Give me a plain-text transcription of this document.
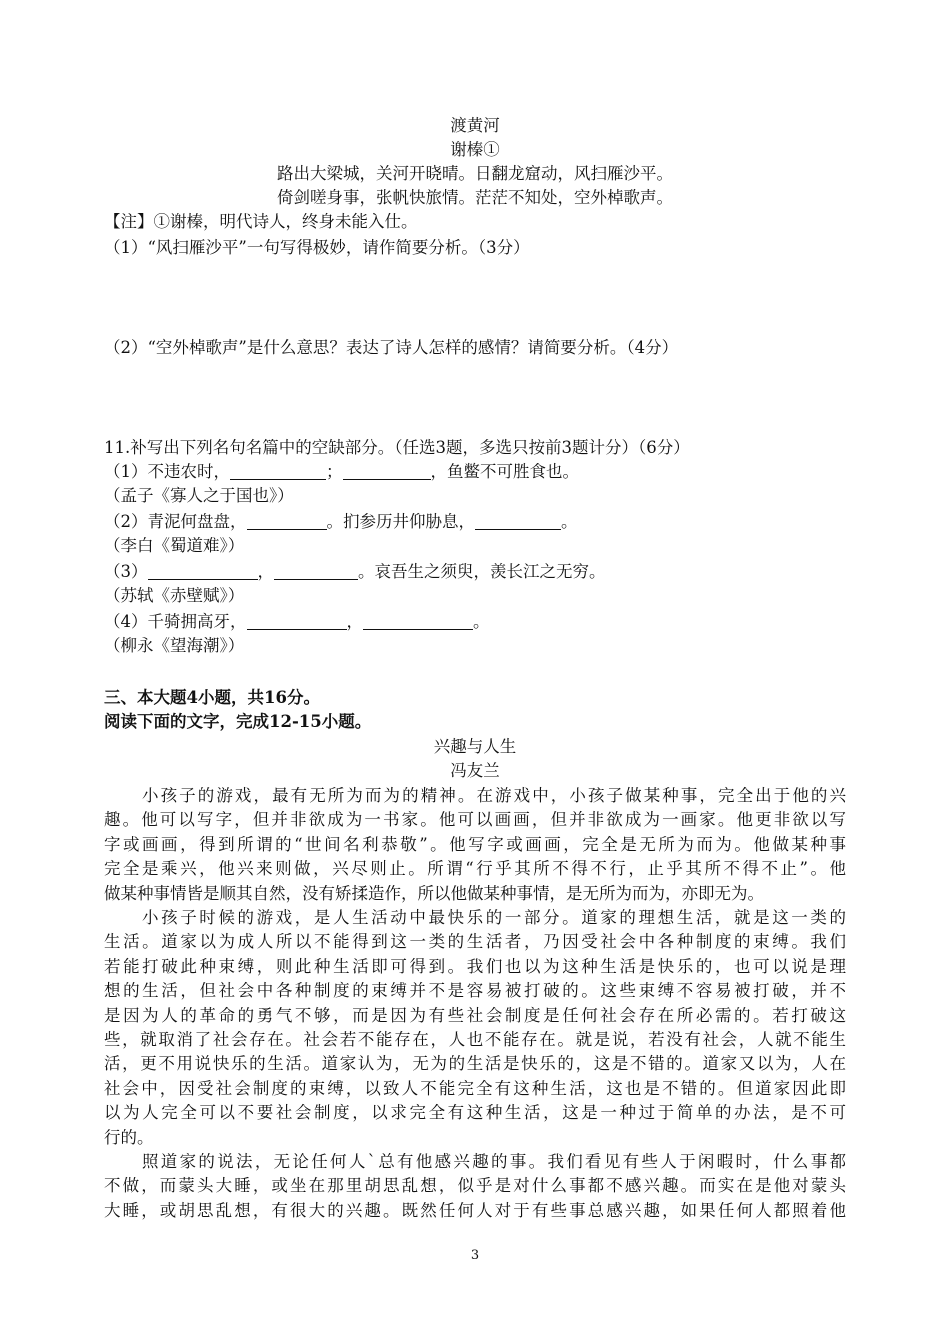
渡黄河
谢榛①
路出大梁城，关河开晓晴。日翻龙窟动，风扫雁沙平。
倚剑嗟身事，张帆快旅情。茫茫不知处，空外棹歌声。
【注】①谢榛，明代诗人，终身未能入仕。
（1）“风扫雁沙平”一句写得极妙，请作简要分析。（3分）
（2）“空外棹歌声”是什么意思？表达了诗人怎样的感情？请简要分析。（4分）
11.补写出下列名句名篇中的空缺部分。（任选3题，多选只按前3题计分）（6分）
（1）不违农时，	；	，鱼鳖不可胜食也。
（孟子《寡人之于国也》）
（2）青泥何盘盘，	。扪参历井仰胁息，	。
（李白《蜀道难》）
（3）	，	。哀吾生之须臾，羡长江之无穷。
（苏轼《赤壁赋》）
（4）千骑拥高牙，	，	。
（柳永《望海潮》）
三、本大题4小题，共16分。
阅读下面的文字，完成12-15小题。
兴趣与人生
冯友兰
小孩子的游戏，最有无所为而为的精神。在游戏中，小孩子做某种事，完全出于他的兴
趣。他可以写字，但并非欲成为一书家。他可以画画，但并非欲成为一画家。他更非欲以写
字或画画，得到所谓的“世间名利恭敬”。他写字或画画，完全是无所为而为。他做某种事
完全是乘兴，他兴来则做，兴尽则止。所谓“行乎其所不得不行，止乎其所不得不止”。他
做某种事情皆是顺其自然，没有矫揉造作，所以他做某种事情，是无所为而为，亦即无为。
小孩子时候的游戏，是人生活动中最快乐的一部分。道家的理想生活，就是这一类的
生活。道家以为成人所以不能得到这一类的生活者，乃因受社会中各种制度的束缚。我们
若能打破此种束缚，则此种生活即可得到。我们也以为这种生活是快乐的，也可以说是理
想的生活，但社会中各种制度的束缚并不是容易被打破的。这些束缚不容易被打破，并不
是因为人的革命的勇气不够，而是因为有些社会制度是任何社会存在所必需的。若打破这
些，就取消了社会存在。社会若不能存在，人也不能存在。就是说，若没有社会，人就不能生
活，更不用说快乐的生活。道家认为，无为的生活是快乐的，这是不错的。道家又以为，人在
社会中，因受社会制度的束缚，以致人不能完全有这种生活，这也是不错的。但道家因此即
以为人完全可以不要社会制度，以求完全有这种生活，这是一种过于简单的办法，是不可
行的。
照道家的说法，无论任何人`总有他感兴趣的事。我们看见有些人于闲暇时，什么事都
不做，而蒙头大睡，或坐在那里胡思乱想，似乎是对什么事都不感兴趣。而实在是他对蒙头
大睡，或胡思乱想，有很大的兴趣。既然任何人对于有些事总感兴趣，如果任何人都照着他
3
